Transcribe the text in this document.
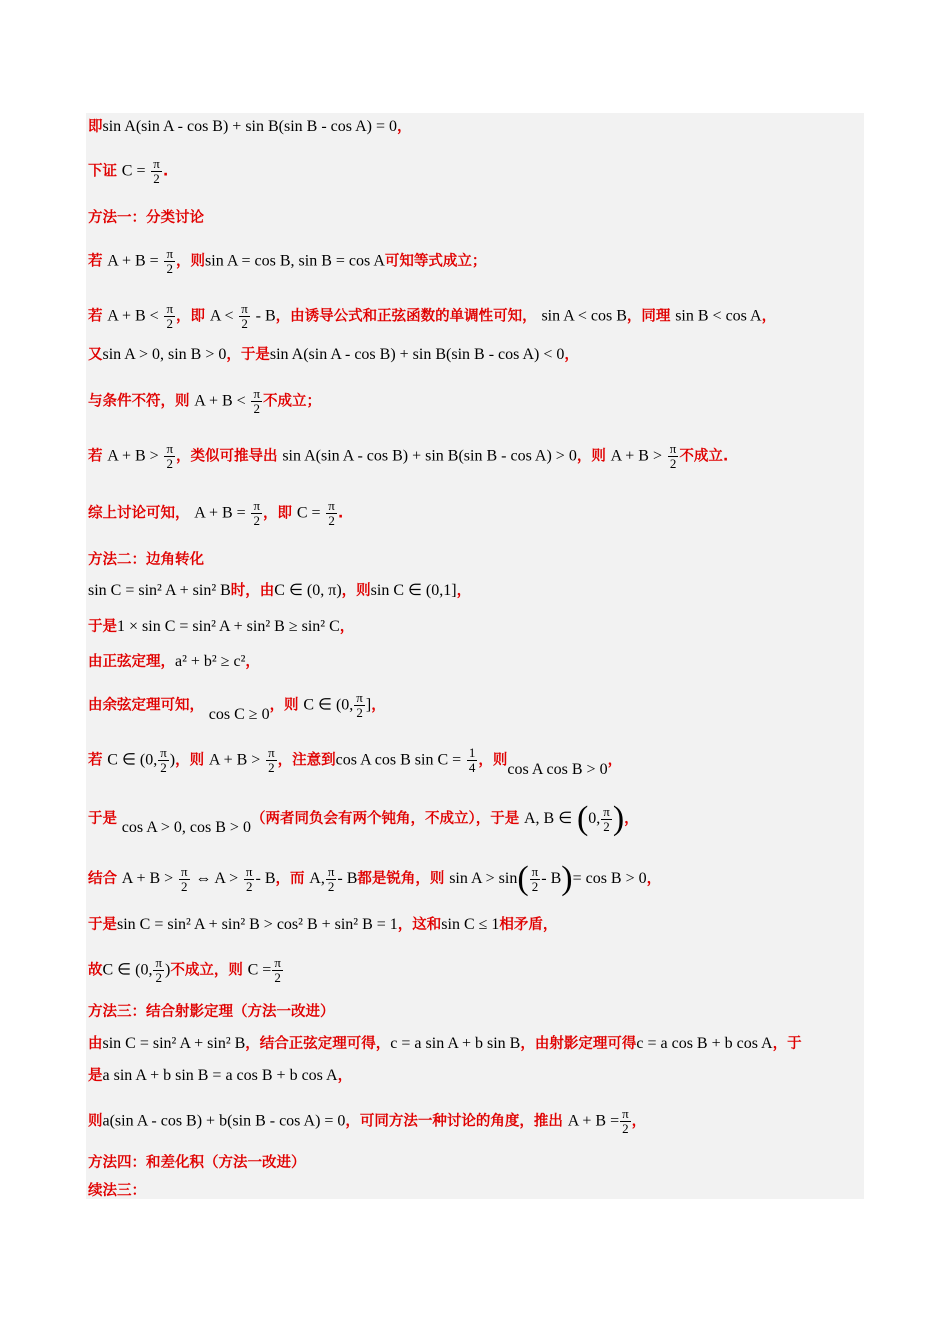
即sin A(sin A - cos B) + sin B(sin B - cos A) = 0，
下证 $C = \frac{\pi}{2}$ .
方法一：分类讨论
若 $A + B = \frac{\pi}{2}$ ，则sin A = cos B, sin B = cos A可知等式成立；
若 $A + B < \frac{\pi}{2}$ ，即 $A < \frac{\pi}{2} - B$，由诱导公式和正弦函数的单调性可知， sin A < cos B，同理 sin B < cos A，
又sin A > 0, sin B > 0，于是sin A(sin A - cos B) + sin B(sin B - cos A) < 0，
与条件不符，则 $A + B < \frac{\pi}{2}$ 不成立；
若 $A + B > \frac{\pi}{2}$ ，类似可推导出 sin A(sin A - cos B) + sin B(sin B - cos A) > 0，则 $A + B > \frac{\pi}{2}$ 不成立.
综上讨论可知， $A + B = \frac{\pi}{2}$ ，即 $C = \frac{\pi}{2}$ .
方法二：边角转化
sin C = sin² A + sin² B时，由C ∈ (0, π)，则sin C ∈ (0,1]，
于是1 × sin C = sin² A + sin² B ≥ sin² C，
由正弦定理，a² + b² ≥ c²，
由余弦定理可知， cos C ≥ 0，则 C ∈ (0, $\frac{\pi}{2}$ ]，
若 C ∈ (0, $\frac{\pi}{2}$ )，则 $A + B > \frac{\pi}{2}$ ，注意到cos A cos B $\sin C = \frac{1}{4}$ ，则cos A cos B > 0，
于是 cos A > 0, cos B > 0（两者同负会有两个钝角，不成立），于是 A, B ∈ (0, $\frac{\pi}{2}$ )，
结合 $A + B > \frac{\pi}{2}$ ⇔ $A > \frac{\pi}{2} - B$，而 A, $\frac{\pi}{2}$ - B都是锐角，则 $\sin A > \sin( \frac{\pi}{2} - B)= \cos B > 0$，
于是sin C = sin² A + sin² B > cos² B + sin² B = 1，这和sin C ≤ 1相矛盾，
故C ∈ (0, $\frac{\pi}{2}$ )不成立，则 $C = \frac{\pi}{2}$
方法三：结合射影定理（方法一改进）
由sin C = sin² A + sin² B，结合正弦定理可得，c = a sin A + b sin B，由射影定理可得c = a cos B + b cos A，于
是a sin A + b sin B = a cos B + b cos A，
则a(sin A - cos B) + b(sin B - cos A) = 0，可同方法一种讨论的角度，推出 $A + B = \frac{\pi}{2}$ ，
方法四：和差化积（方法一改进）
续法三：
